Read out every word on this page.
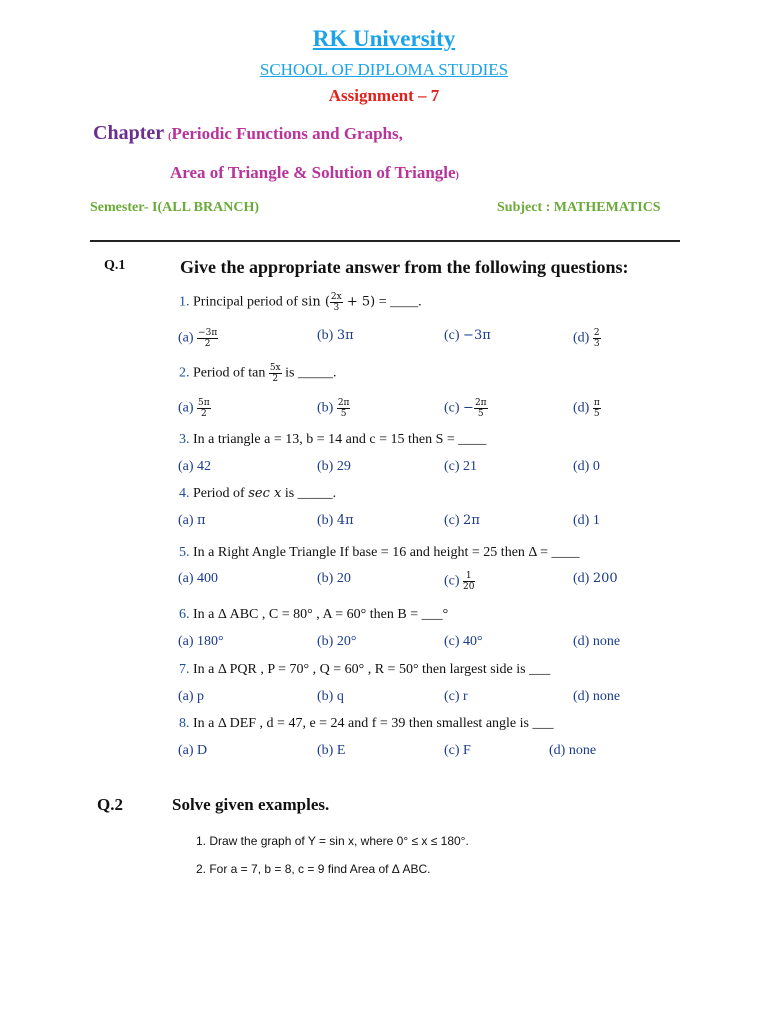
RK University
SCHOOL OF DIPLOMA STUDIES
Assignment – 7
Chapter (Periodic Functions and Graphs,
Area of Triangle & Solution of Triangle)
Semester- I(ALL BRANCH)	Subject : MATHEMATICS
Q.1	Give the appropriate answer from the following questions:
1. Principal period of sin ( $\frac{2x}{3} + 5$) = ____.
$(a) \frac{-3\pi}{2}$	(b) 3π	(c) −3π	$(d) \frac{2}{3}$
2. Period of $\tan \frac{5x}{2}$ is _____.
$(a) \frac{5\pi}{2}$	$(b) \frac{2\pi}{5}$	$(c) - \frac{2\pi}{5}$	$(d) \frac{\pi}{5}$
3. In a triangle a = 13, b = 14 and c = 15 then S = ____
(a) 42	(b) 29	(c) 21	(d) 0
4. Period of sec x is _____.
(a) π	(b) 4π	(c) 2π	(d) 1
5. In a Right Angle Triangle If base = 16 and height = 25 then Δ = ____
(a) 400	(b) 20	$(c) \frac{1}{20}$	(d) 200
6. In a Δ ABC , C = 80° , A = 60° then B = ___°
(a) 180°	(b) 20°	(c) 40°	(d) none
7. In a Δ PQR , P = 70° , Q = 60° , R = 50° then largest side is ___
(a) p	(b) q	(c) r	(d) none
8. In a Δ DEF , d = 47, e = 24 and f = 39 then smallest angle is ___
(a) D	(b) E	(c) F	(d) none
Q.2	Solve given examples.
1. Draw the graph of Y = sin x, where 0° ≤ x ≤ 180°.
2. For a = 7, b = 8, c = 9 find Area of Δ ABC.
